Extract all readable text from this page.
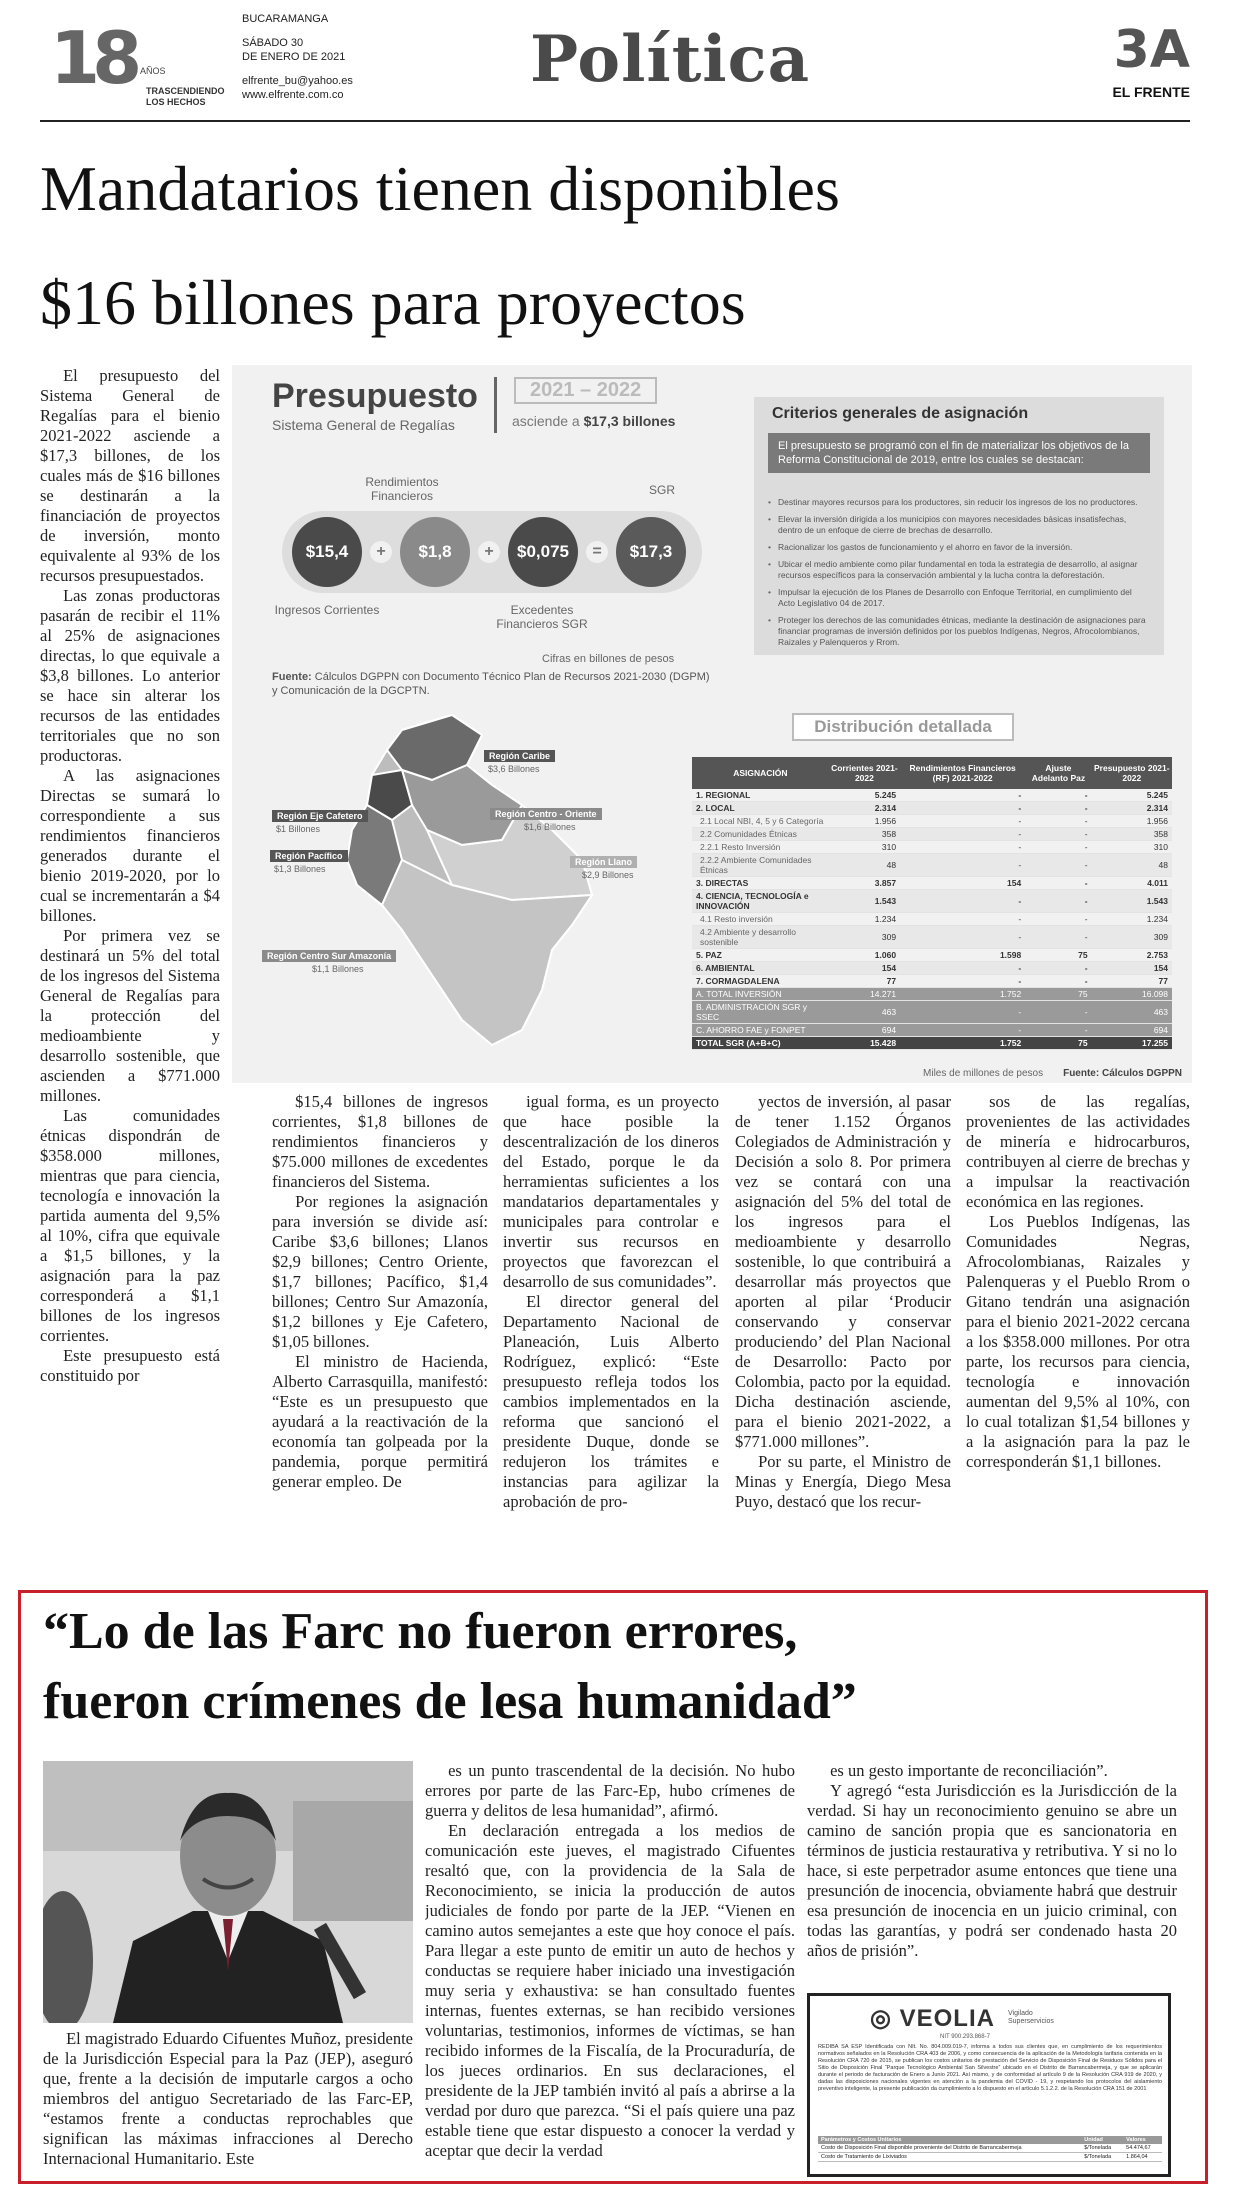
18 AÑOS
TRASCENDIENDO
LOS HECHOS
BUCARAMANGA
SÁBADO 30
DE ENERO DE 2021
elfrente_bu@yahoo.es
www.elfrente.com.co	Política	3A
EL FRENTE
Mandatarios tienen disponibles
$16 billones para proyectos

El presupuesto del Sistema General de Regalías para el bienio 2021-2022 asciende a $17,3 billones, de los cuales más de $16 billones se destinarán a la financiación de proyectos de inversión, monto equivalente al 93% de los recursos presupuestados.

Las zonas productoras pasarán de recibir el 11% al 25% de asignaciones directas, lo que equivale a $3,8 billones. Lo anterior se hace sin alterar los recursos de las entidades territoriales que no son productoras.

A las asignaciones Directas se sumará lo correspondiente a sus rendimientos financieros generados durante el bienio 2019-2020, por lo cual se incrementarán a $4 billones.

Por primera vez se destinará un 5% del total de los ingresos del Sistema General de Regalías para la protección del medioambiente y desarrollo sostenible, que ascienden a $771.000 millones.

Las comunidades étnicas dispondrán de $358.000 millones, mientras que para ciencia, tecnología e innovación la partida aumenta del 9,5% al 10%, cifra que equivale a $1,5 billones, y la asignación para la paz corresponderá a $1,1 billones de los ingresos corrientes.

Este presupuesto está constituido por

$15,4 billones de ingresos corrientes, $1,8 billones de rendimientos financieros y $75.000 millones de excedentes financieros del Sistema.

Por regiones la asignación para inversión se divide así: Caribe $3,6 billones; Llanos $2,9 billones; Centro Oriente, $1,7 billones; Pacífico, $1,4 billones; Centro Sur Amazonía, $1,2 billones y Eje Cafetero, $1,05 billones.

El ministro de Hacienda, Alberto Carrasquilla, manifestó: “Este es un presupuesto que ayudará a la reactivación de la economía tan golpeada por la pandemia, porque permitirá generar empleo. De

igual forma, es un proyecto que hace posible la descentralización de los dineros del Estado, porque le da herramientas suficientes a los mandatarios departamentales y municipales para controlar e invertir sus recursos en proyectos que favorezcan el desarrollo de sus comunidades”.

El director general del Departamento Nacional de Planeación, Luis Alberto Rodríguez, explicó: “Este presupuesto refleja todos los cambios implementados en la reforma que sancionó el presidente Duque, donde se redujeron los trámites e instancias para agilizar la aprobación de pro-

yectos de inversión, al pasar de tener 1.152 Órganos Colegiados de Administración y Decisión a solo 8. Por primera vez se contará con una asignación del 5% del total de los ingresos para el medioambiente y desarrollo sostenible, lo que contribuirá a desarrollar más proyectos que aporten al pilar ‘Producir conservando y conservar produciendo’ del Plan Nacional de Desarrollo: Pacto por Colombia, pacto por la equidad. Dicha destinación asciende, para el bienio 2021-2022, a $771.000 millones”.

Por su parte, el Ministro de Minas y Energía, Diego Mesa Puyo, destacó que los recur-

sos de las regalías, provenientes de las actividades de minería e hidrocarburos, contribuyen al cierre de brechas y a impulsar la reactivación económica en las regiones.

Los Pueblos Indígenas, las Comunidades Negras, Afrocolombianas, Raizales y Palenqueras y el Pueblo Rrom o Gitano tendrán una asignación para el bienio 2021-2022 cercana a los $358.000 millones. Por otra parte, los recursos para ciencia, tecnología e innovación aumentan del 9,5% al 10%, con lo cual totalizan $1,54 billones y a la asignación para la paz le corresponderán $1,1 billones.

Presupuesto
Sistema General de Regalías
2021 – 2022
asciende a $17,3 billones
Rendimientos Financieros	SGR
$15,4	+	$1,8	+	$0,075	=	$17,3
Ingresos Corrientes	Excedentes Financieros SGR
Cifras en billones de pesos
Fuente: Cálculos DGPPN con Documento Técnico Plan de Recursos 2021-2030 (DGPM) y Comunicación de la DGCPTN.
Criterios generales de asignación
El presupuesto se programó con el fin de materializar los objetivos de la Reforma Constitucional de 2019, entre los cuales se destacan:
• Destinar mayores recursos para los productores, sin reducir los ingresos de los no productores.
• Elevar la inversión dirigida a los municipios con mayores necesidades básicas insatisfechas, dentro de un enfoque de cierre de brechas de desarrollo.
• Racionalizar los gastos de funcionamiento y el ahorro en favor de la inversión.
• Ubicar el medio ambiente como pilar fundamental en toda la estrategia de desarrollo, al asignar recursos específicos para la conservación ambiental y la lucha contra la deforestación.
• Impulsar la ejecución de los Planes de Desarrollo con Enfoque Territorial, en cumplimiento del Acto Legislativo 04 de 2017.
• Proteger los derechos de las comunidades étnicas, mediante la destinación de asignaciones para financiar programas de inversión definidos por los pueblos Indígenas, Negros, Afrocolombianos, Raizales y Palenqueros y Rrom.
Región Caribe
$3,6 Billones
Región Eje Cafetero
$1 Billones
Región Centro - Oriente
$1,6 Billones
Región Pacífico
$1,3 Billones
Región Llano
$2,9 Billones
Región Centro Sur Amazonía
$1,1 Billones
Distribución detallada
ASIGNACIÓN	Corrientes 2021-2022	Rendimientos Financieros (RF) 2021-2022	Ajuste Adelanto Paz	Presupuesto 2021-2022
1. REGIONAL	5.245	-	-	5.245
2. LOCAL	2.314	-	-	2.314
2.1 Local NBI, 4, 5 y 6 Categoría	1.956	-	-	1.956
2.2 Comunidades Étnicas	358	-	-	358
2.2.1 Resto Inversión	310	-	-	310
2.2.2 Ambiente Comunidades Étnicas	48	-	-	48
3. DIRECTAS	3.857	154	-	4.011
4. CIENCIA, TECNOLOGÍA e INNOVACIÓN	1.543	-	-	1.543
4.1 Resto inversión	1.234	-	-	1.234
4.2 Ambiente y desarrollo sostenible	309	-	-	309
5. PAZ	1.060	1.598	75	2.753
6. AMBIENTAL	154	-	-	154
7. CORMAGDALENA	77	-	-	77
A. TOTAL INVERSIÓN	14.271	1.752	75	16.098
B. ADMINISTRACIÓN SGR y SSEC	463	-	-	463
C. AHORRO FAE y FONPET	694	-	-	694
TOTAL SGR (A+B+C)	15.428	1.752	75	17.255
Miles de millones de pesos Fuente: Cálculos DGPPN
“Lo de las Farc no fueron errores,
fueron crímenes de lesa humanidad”

El magistrado Eduardo Cifuentes Muñoz, presidente de la Jurisdicción Especial para la Paz (JEP), aseguró que, frente a la decisión de imputarle cargos a ocho miembros del antiguo Secretariado de las Farc-EP, “estamos frente a conductas reprochables que significan las máximas infracciones al Derecho Internacional Humanitario. Este

es un punto trascendental de la decisión. No hubo errores por parte de las Farc-Ep, hubo crímenes de guerra y delitos de lesa humanidad”, afirmó.

En declaración entregada a los medios de comunicación este jueves, el magistrado Cifuentes resaltó que, con la providencia de la Sala de Reconocimiento, se inicia la producción de autos judiciales de fondo por parte de la JEP. “Vienen en camino autos semejantes a este que hoy conoce el país. Para llegar a este punto de emitir un auto de hechos y conductas se requiere haber iniciado una investigación muy seria y exhaustiva: se han consultado fuentes internas, fuentes externas, se han recibido versiones voluntarias, testimonios, informes de víctimas, se han recibido informes de la Fiscalía, de la Procuraduría, de los jueces ordinarios. En sus declaraciones, el presidente de la JEP también invitó al país a abrirse a la verdad por duro que parezca. “Si el país quiere una paz estable tiene que estar dispuesto a conocer la verdad y aceptar que decir la verdad

es un gesto importante de reconciliación”.

Y agregó “esta Jurisdicción es la Jurisdicción de la verdad. Si hay un reconocimiento genuino se abre un camino de sanción propia que es sancionatoria en términos de justicia restaurativa y retributiva. Y si no lo hace, si este perpetrador asume entonces que tiene una presunción de inocencia, obviamente habrá que destruir esa presunción de inocencia en un juicio criminal, con todas las garantías, y podrá ser condenado hasta 20 años de prisión”.

◎ VEOLIA Vigilado Superservicios
NIT 900.293.868-7
REDIBA SA ESP Identificada con NIt. No. 804.009.019-7, informa a todos sus clientes que, en cumplimiento de los requerimientos normativos señalados en la Resolución CRA 403 de 2006, y como consecuencia de la aplicación de la Metodología tarifaria contenida en la Resolución CRA 720 de 2015, se publican los costos unitarios de prestación del Servicio de Disposición Final de Residuos Sólidos para el Sitio de Disposición Final “Parque Tecnológico Ambiental San Silvestre” ubicado en el Distrito de Barrancabermeja, y que se aplicarán durante el periodo de facturación de Enero a Junio 2021. Así mismo, y de conformidad al artículo 9 de la Resolución CRA 919 de 2020, y dadas las disposiciones nacionales vigentes en atención a la pandemia del COVID - 19, y respetando los protocolos del aislamiento preventivo inteligente, la presente publicación da cumplimiento a lo dispuesto en el artículo 5.1.2.2. de la Resolución CRA 151 de 2001
Parámetros y Costos Unitarios	Unidad	Valores
Costo de Disposición Final disponible proveniente del Distrito de Barrancabermeja	$/Tonelada	54.474,67
Costo de Tratamiento de Lixiviados	$/Tonelada	1.864,04
